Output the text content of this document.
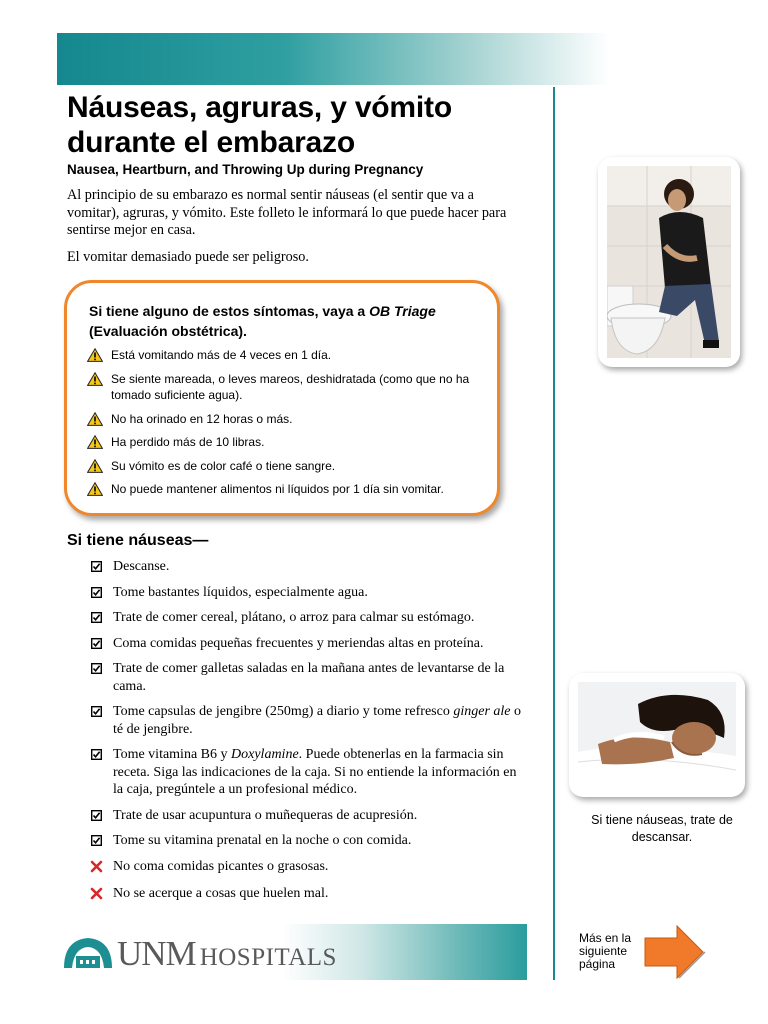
Náuseas, agruras, y vómito durante el embarazo

Nausea, Heartburn, and Throwing Up during Pregnancy

Al principio de su embarazo es normal sentir náuseas (el sentir que va a vomitar), agruras, y vómito. Este folleto le informará lo que puede hacer para sentirse mejor en casa.

El vomitar demasiado puede ser peligroso.

Si tiene alguno de estos síntomas, vaya a OB Triage (Evaluación obstétrica).
Está vomitando más de 4 veces en 1 día.
Se siente mareada, o leves mareos, deshidratada (como que no ha tomado suficiente agua).
No ha orinado en 12 horas o más.
Ha perdido más de 10 libras.
Su vómito es de color café o tiene sangre.
No puede mantener alimentos ni líquidos por 1 día sin vomitar.
Si tiene náuseas—
Descanse.
Tome bastantes líquidos, especialmente agua.
Trate de comer cereal, plátano, o arroz para calmar su estómago.
Coma comidas pequeñas frecuentes y meriendas altas en proteína.
Trate de comer galletas saladas en la mañana antes de levantarse de la cama.
Tome capsulas de jengibre (250mg) a diario y tome refresco ginger ale o té de jengibre.
Tome vitamina B6 y Doxylamine. Puede obtenerlas en la farmacia sin receta. Siga las indicaciones de la caja. Si no entiende la información en la caja, pregúntele a un profesional médico.
Trate de usar acupuntura o muñequeras de acupresión.
Tome su vitamina prenatal en la noche o con comida.
No coma comidas picantes o grasosas.
No se acerque a cosas que huelen mal.
Si tiene náuseas, trate de descansar.
UNM HOSPITALS
Más en la siguiente página
